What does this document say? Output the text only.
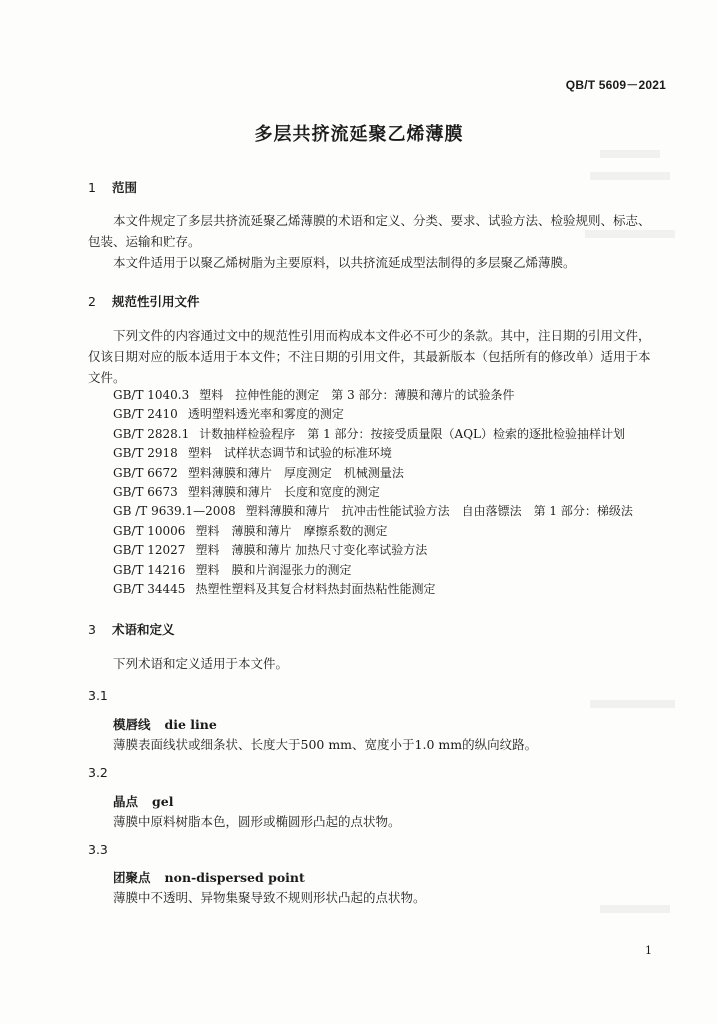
QB/T 5609－2021
多层共挤流延聚乙烯薄膜
1 范围
本文件规定了多层共挤流延聚乙烯薄膜的术语和定义、分类、要求、试验方法、检验规则、标志、
包装、运输和贮存。
本文件适用于以聚乙烯树脂为主要原料，以共挤流延成型法制得的多层聚乙烯薄膜。
2 规范性引用文件
下列文件的内容通过文中的规范性引用而构成本文件必不可少的条款。其中，注日期的引用文件，
仅该日期对应的版本适用于本文件；不注日期的引用文件，其最新版本（包括所有的修改单）适用于本
文件。
GB/T 1040.3 塑料　拉伸性能的测定　第 3 部分：薄膜和薄片的试验条件
GB/T 2410 透明塑料透光率和雾度的测定
GB/T 2828.1 计数抽样检验程序　第 1 部分：按接受质量限（AQL）检索的逐批检验抽样计划
GB/T 2918 塑料　试样状态调节和试验的标准环境
GB/T 6672 塑料薄膜和薄片　厚度测定　机械测量法
GB/T 6673 塑料薄膜和薄片　长度和宽度的测定
GB /T 9639.1—2008 塑料薄膜和薄片　抗冲击性能试验方法　自由落镖法　第 1 部分：梯级法
GB/T 10006 塑料　薄膜和薄片　摩擦系数的测定
GB/T 12027 塑料　薄膜和薄片 加热尺寸变化率试验方法
GB/T 14216 塑料　膜和片润湿张力的测定
GB/T 34445 热塑性塑料及其复合材料热封面热粘性能测定
3 术语和定义
下列术语和定义适用于本文件。
3.1
模唇线 die line
薄膜表面线状或细条状、长度大于500 mm、宽度小于1.0 mm的纵向纹路。
3.2
晶点 gel
薄膜中原料树脂本色，圆形或椭圆形凸起的点状物。
3.3
团聚点 non-dispersed point
薄膜中不透明、异物集聚导致不规则形状凸起的点状物。
1
